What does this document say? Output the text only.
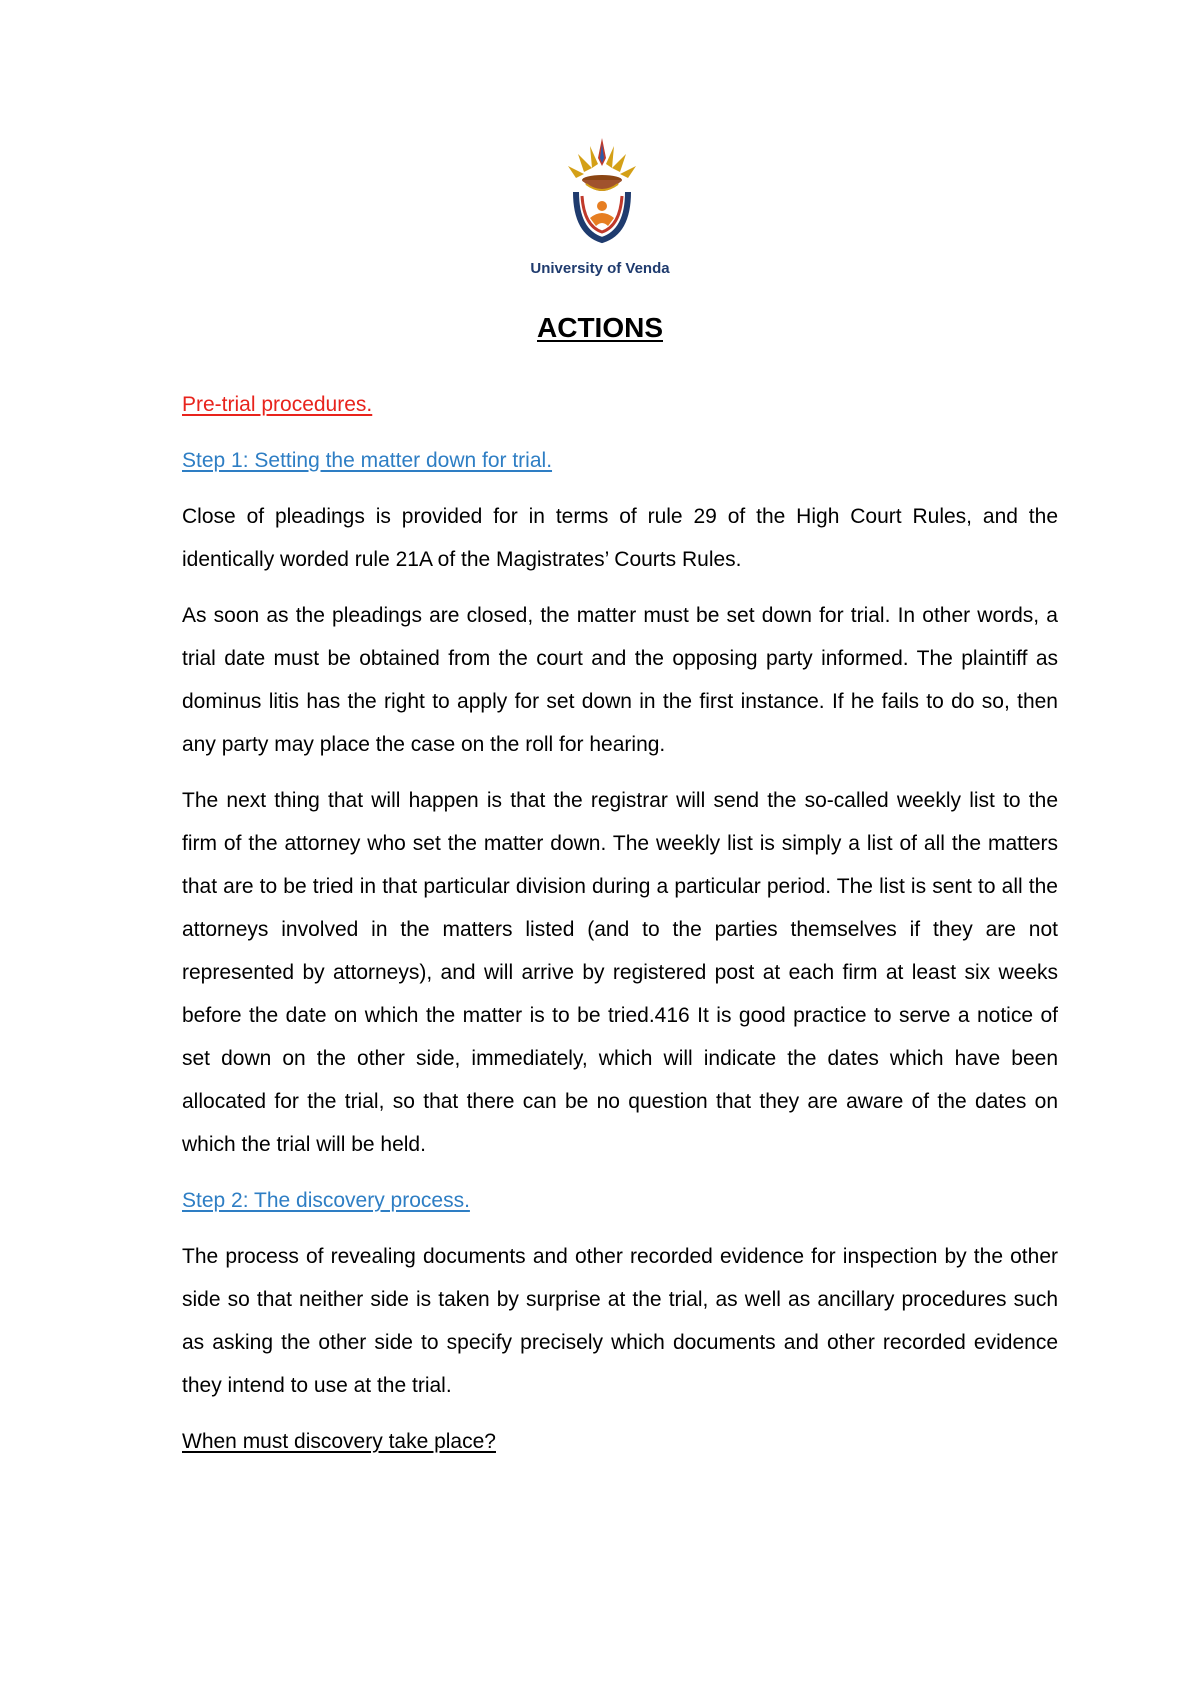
University of Venda
ACTIONS

Pre-trial procedures.

Step 1: Setting the matter down for trial.

Close of pleadings is provided for in terms of rule 29 of the High Court Rules, and the identically worded rule 21A of the Magistrates’ Courts Rules.

As soon as the pleadings are closed, the matter must be set down for trial. In other words, a trial date must be obtained from the court and the opposing party informed. The plaintiff as dominus litis has the right to apply for set down in the first instance. If he fails to do so, then any party may place the case on the roll for hearing.

The next thing that will happen is that the registrar will send the so-called weekly list to the firm of the attorney who set the matter down. The weekly list is simply a list of all the matters that are to be tried in that particular division during a particular period. The list is sent to all the attorneys involved in the matters listed (and to the parties themselves if they are not represented by attorneys), and will arrive by registered post at each firm at least six weeks before the date on which the matter is to be tried.416 It is good practice to serve a notice of set down on the other side, immediately, which will indicate the dates which have been allocated for the trial, so that there can be no question that they are aware of the dates on which the trial will be held.

Step 2: The discovery process.

The process of revealing documents and other recorded evidence for inspection by the other side so that neither side is taken by surprise at the trial, as well as ancillary procedures such as asking the other side to specify precisely which documents and other recorded evidence they intend to use at the trial.

When must discovery take place?
